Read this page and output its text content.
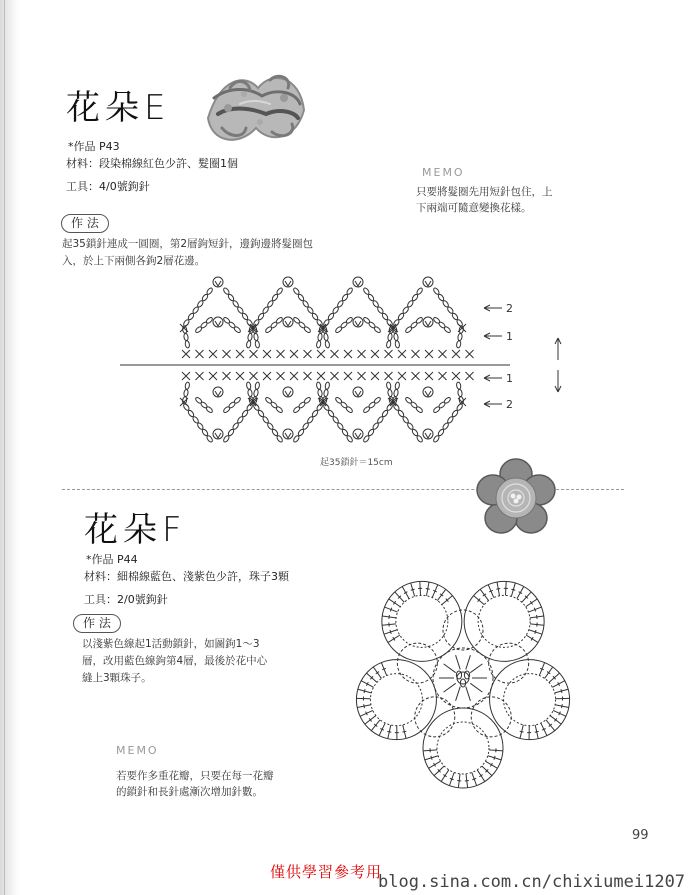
花朵E
*作品 P43
材料：段染棉線紅色少許、髮圈1個
工具：4/0號鉤針
MEMO
只要將髮圈先用短針包住，上
下兩端可隨意變換花樣。
作 法
起35鎖針連成一圓圈，第2層鉤短針，邊鉤邊將髮圈包
入，於上下兩側各鉤2層花邊。
2
1
1
2
起35鎖針＝15cm
花朵F
*作品 P44
材料：細棉線藍色、淺紫色少許，珠子3顆
工具：2/0號鉤針
作 法
以淺紫色線起1活動鎖針，如圖鉤1～3
層，改用藍色線鉤第4層，最後於花中心
縫上3顆珠子。
MEMO
若要作多重花瓣，只要在每一花瓣
的鎖針和長針處漸次增加針數。
99
僅供學習參考用
blog.sina.com.cn/chixiumei1207
